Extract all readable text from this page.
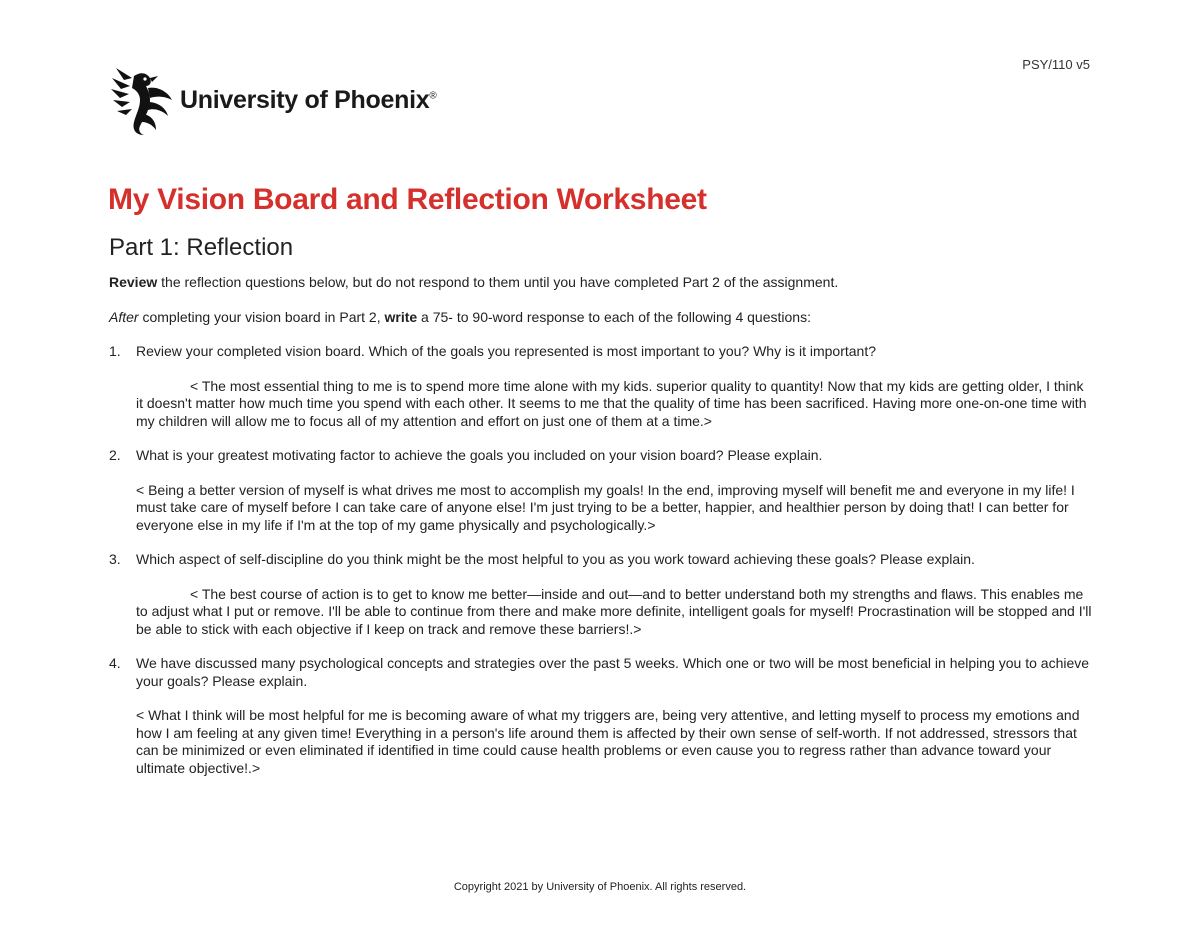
PSY/110 v5
University of Phoenix®
My Vision Board and Reflection Worksheet
Part 1: Reflection

Review the reflection questions below, but do not respond to them until you have completed Part 2 of the assignment.

After completing your vision board in Part 2, write a 75- to 90-word response to each of the following 4 questions:

1. Review your completed vision board. Which of the goals you represented is most important to you? Why is it important?

< The most essential thing to me is to spend more time alone with my kids. superior quality to quantity! Now that my kids are getting older, I think it doesn't matter how much time you spend with each other. It seems to me that the quality of time has been sacrificed. Having more one-on-one time with my children will allow me to focus all of my attention and effort on just one of them at a time.>

2. What is your greatest motivating factor to achieve the goals you included on your vision board? Please explain.

< Being a better version of myself is what drives me most to accomplish my goals! In the end, improving myself will benefit me and everyone in my life! I must take care of myself before I can take care of anyone else! I'm just trying to be a better, happier, and healthier person by doing that! I can better for everyone else in my life if I'm at the top of my game physically and psychologically.>

3. Which aspect of self-discipline do you think might be the most helpful to you as you work toward achieving these goals? Please explain.

< The best course of action is to get to know me better—inside and out—and to better understand both my strengths and flaws. This enables me to adjust what I put or remove. I'll be able to continue from there and make more definite, intelligent goals for myself! Procrastination will be stopped and I'll be able to stick with each objective if I keep on track and remove these barriers!.>

4. We have discussed many psychological concepts and strategies over the past 5 weeks. Which one or two will be most beneficial in helping you to achieve your goals? Please explain.

< What I think will be most helpful for me is becoming aware of what my triggers are, being very attentive, and letting myself to process my emotions and how I am feeling at any given time! Everything in a person's life around them is affected by their own sense of self-worth. If not addressed, stressors that can be minimized or even eliminated if identified in time could cause health problems or even cause you to regress rather than advance toward your ultimate objective!.>

Copyright 2021 by University of Phoenix. All rights reserved.
